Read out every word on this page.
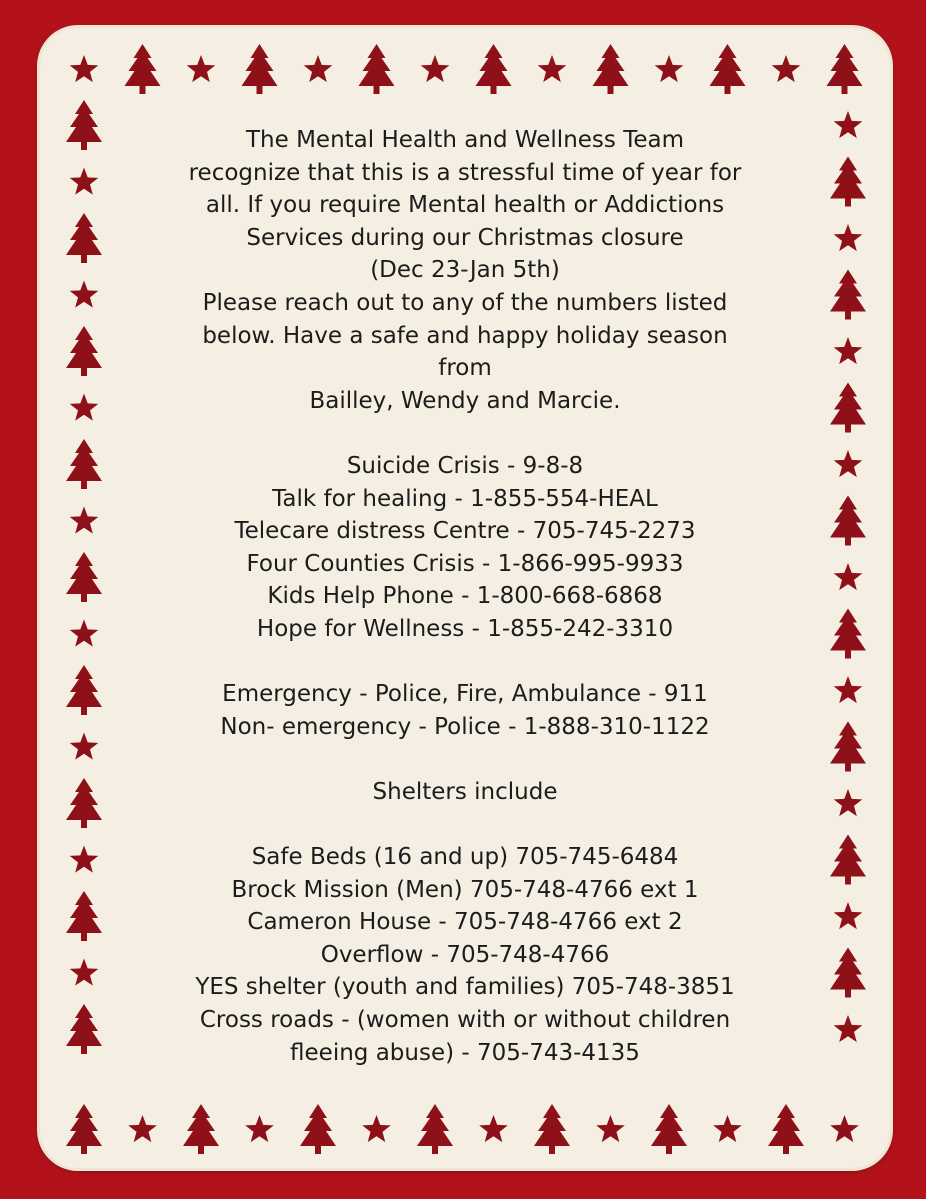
The Mental Health and Wellness Team
recognize that this is a stressful time of year for
all. If you require Mental health or Addictions
Services during our Christmas closure
(Dec 23-Jan 5th)
Please reach out to any of the numbers listed
below. Have a safe and happy holiday season
from
Bailley, Wendy and Marcie.
Suicide Crisis - 9-8-8
Talk for healing - 1-855-554-HEAL
Telecare distress Centre - 705-745-2273
Four Counties Crisis - 1-866-995-9933
Kids Help Phone - 1-800-668-6868
Hope for Wellness - 1-855-242-3310
Emergency - Police, Fire, Ambulance - 911
Non- emergency - Police - 1-888-310-1122
Shelters include
Safe Beds (16 and up) 705-745-6484
Brock Mission (Men) 705-748-4766 ext 1
Cameron House - 705-748-4766 ext 2
Overflow - 705-748-4766
YES shelter (youth and families) 705-748-3851
Cross roads - (women with or without children
fleeing abuse) - 705-743-4135
